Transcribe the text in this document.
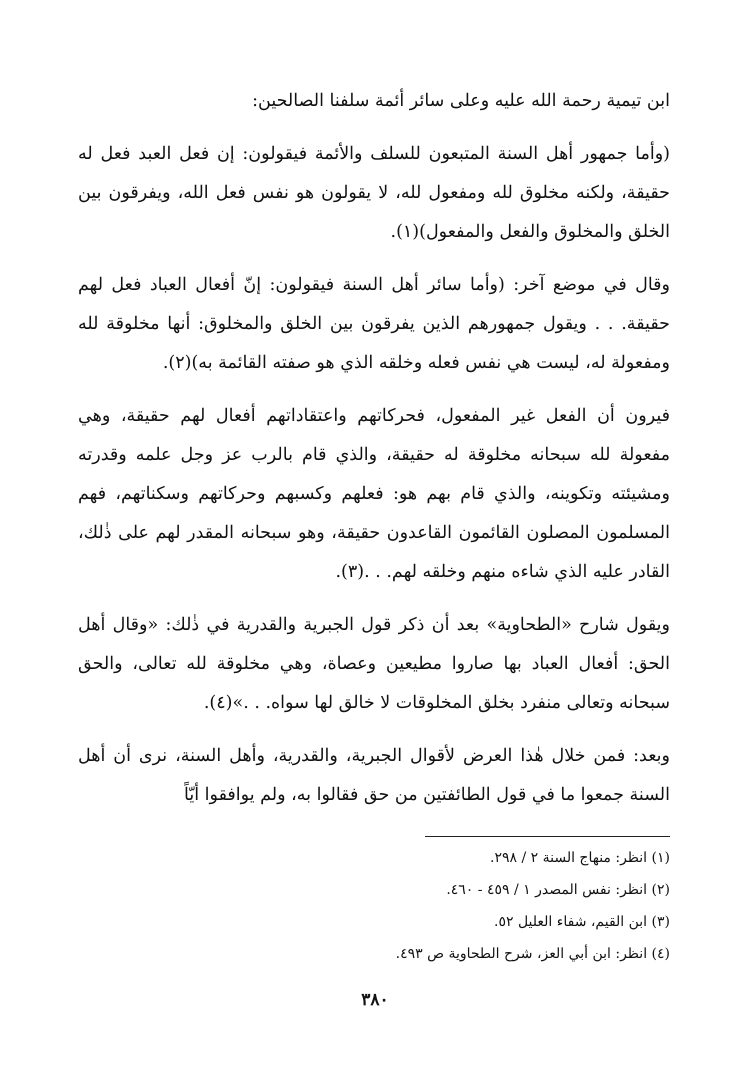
ابن تيمية رحمة الله عليه وعلى سائر أئمة سلفنا الصالحين:

(وأما جمهور أهل السنة المتبعون للسلف والأئمة فيقولون: إن فعل العبد فعل له حقيقة، ولكنه مخلوق لله ومفعول لله، لا يقولون هو نفس فعل الله، ويفرقون بين الخلق والمخلوق والفعل والمفعول)(١).

وقال في موضع آخر: (وأما سائر أهل السنة فيقولون: إنّ أفعال العباد فعل لهم حقيقة. . . ويقول جمهورهم الذين يفرقون بين الخلق والمخلوق: أنها مخلوقة لله ومفعولة له، ليست هي نفس فعله وخلقه الذي هو صفته القائمة به)(٢).

فيرون أن الفعل غير المفعول، فحركاتهم واعتقاداتهم أفعال لهم حقيقة، وهي مفعولة لله سبحانه مخلوقة له حقيقة، والذي قام بالرب عز وجل علمه وقدرته ومشيئته وتكوينه، والذي قام بهم هو: فعلهم وكسبهم وحركاتهم وسكناتهم، فهم المسلمون المصلون القائمون القاعدون حقيقة، وهو سبحانه المقدر لهم على ذٰلك، القادر عليه الذي شاءه منهم وخلقه لهم. . .(٣).

ويقول شارح «الطحاوية» بعد أن ذكر قول الجبرية والقدرية في ذٰلك: «وقال أهل الحق: أفعال العباد بها صاروا مطيعين وعصاة، وهي مخلوقة لله تعالى، والحق سبحانه وتعالى منفرد بخلق المخلوقات لا خالق لها سواه. . .»(٤).

وبعد: فمن خلال هٰذا العرض لأقوال الجبرية، والقدرية، وأهل السنة، نرى أن أهل السنة جمعوا ما في قول الطائفتين من حق فقالوا به، ولم يوافقوا أيّاً

(١) انظر: منهاج السنة ٢ / ٢٩٨.
(٢) انظر: نفس المصدر ١ / ٤٥٩ - ٤٦٠.
(٣) ابن القيم، شفاء العليل ٥٢.
(٤) انظر: ابن أبي العز، شرح الطحاوية ص ٤٩٣.
٣٨٠
